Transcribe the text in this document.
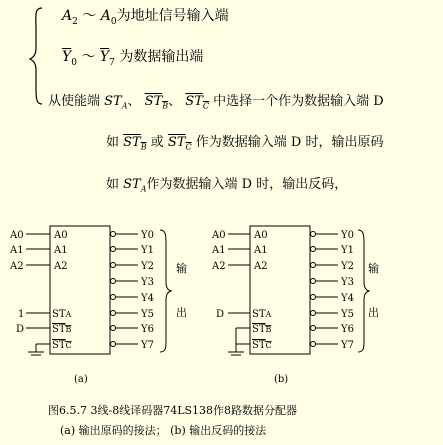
$A_2$ ～ $A_0$为地址信号输入端
$\overline{Y}_0$ ～ $\overline{Y}_7$ 为数据输出端
从使能端 $ST_A$、 $ST_B$、 $ST_C$ 中选择一个作为数据输入端 D
如 $ST_B$ 或 $ST_C$ 作为数据输入端 D 时，输出原码
如 $ST_A$作为数据输入端 D 时，输出反码，
A0
A1
A2
A0
A1
A2
STA
STB
STC
1
D
Y0
Y1
Y2
Y3
Y4
Y5
Y6
Y7
输
出
(a)
A0
A1
A2
A0
A1
A2
STA
STB
STC
D
Y0
Y1
Y2
Y3
Y4
Y5
Y6
Y7
输
出
(b)
图6.5.7 3线-8线译码器74LS138作8路数据分配器
(a) 输出原码的接法； (b) 输出反码的接法
